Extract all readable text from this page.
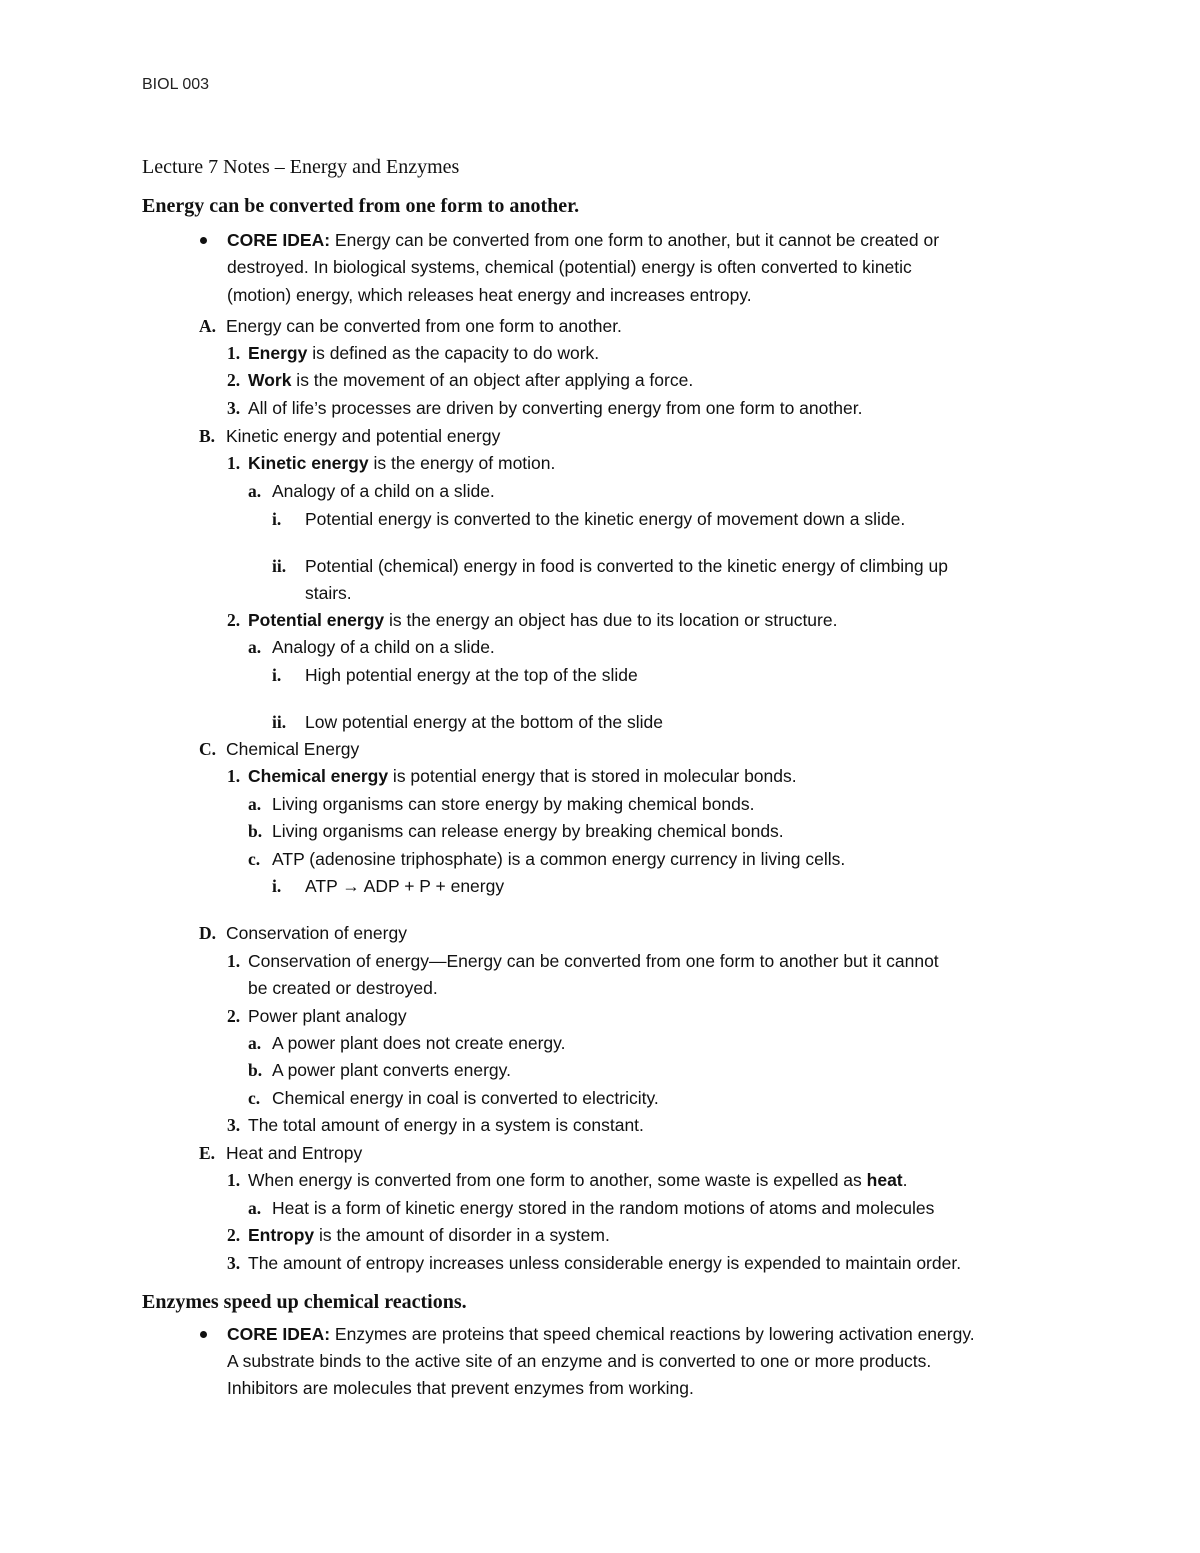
BIOL 003
Lecture 7 Notes – Energy and Enzymes
Energy can be converted from one form to another.
CORE IDEA: Energy can be converted from one form to another, but it cannot be created or
destroyed. In biological systems, chemical (potential) energy is often converted to kinetic
(motion) energy, which releases heat energy and increases entropy.
A. Energy can be converted from one form to another.
1. Energy is defined as the capacity to do work.
2. Work is the movement of an object after applying a force.
3. All of life’s processes are driven by converting energy from one form to another.
B. Kinetic energy and potential energy
1. Kinetic energy is the energy of motion.
a. Analogy of a child on a slide.
i. Potential energy is converted to the kinetic energy of movement down a slide.
ii. Potential (chemical) energy in food is converted to the kinetic energy of climbing up
stairs.
2. Potential energy is the energy an object has due to its location or structure.
a. Analogy of a child on a slide.
i. High potential energy at the top of the slide
ii. Low potential energy at the bottom of the slide
C. Chemical Energy
1. Chemical energy is potential energy that is stored in molecular bonds.
a. Living organisms can store energy by making chemical bonds.
b. Living organisms can release energy by breaking chemical bonds.
c. ATP (adenosine triphosphate) is a common energy currency in living cells.
i. ATP → ADP + P + energy
D. Conservation of energy
1. Conservation of energy—Energy can be converted from one form to another but it cannot
be created or destroyed.
2. Power plant analogy
a. A power plant does not create energy.
b. A power plant converts energy.
c. Chemical energy in coal is converted to electricity.
3. The total amount of energy in a system is constant.
E. Heat and Entropy
1. When energy is converted from one form to another, some waste is expelled as heat.
a. Heat is a form of kinetic energy stored in the random motions of atoms and molecules
2. Entropy is the amount of disorder in a system.
3. The amount of entropy increases unless considerable energy is expended to maintain order.
Enzymes speed up chemical reactions.
CORE IDEA: Enzymes are proteins that speed chemical reactions by lowering activation energy.
A substrate binds to the active site of an enzyme and is converted to one or more products.
Inhibitors are molecules that prevent enzymes from working.
